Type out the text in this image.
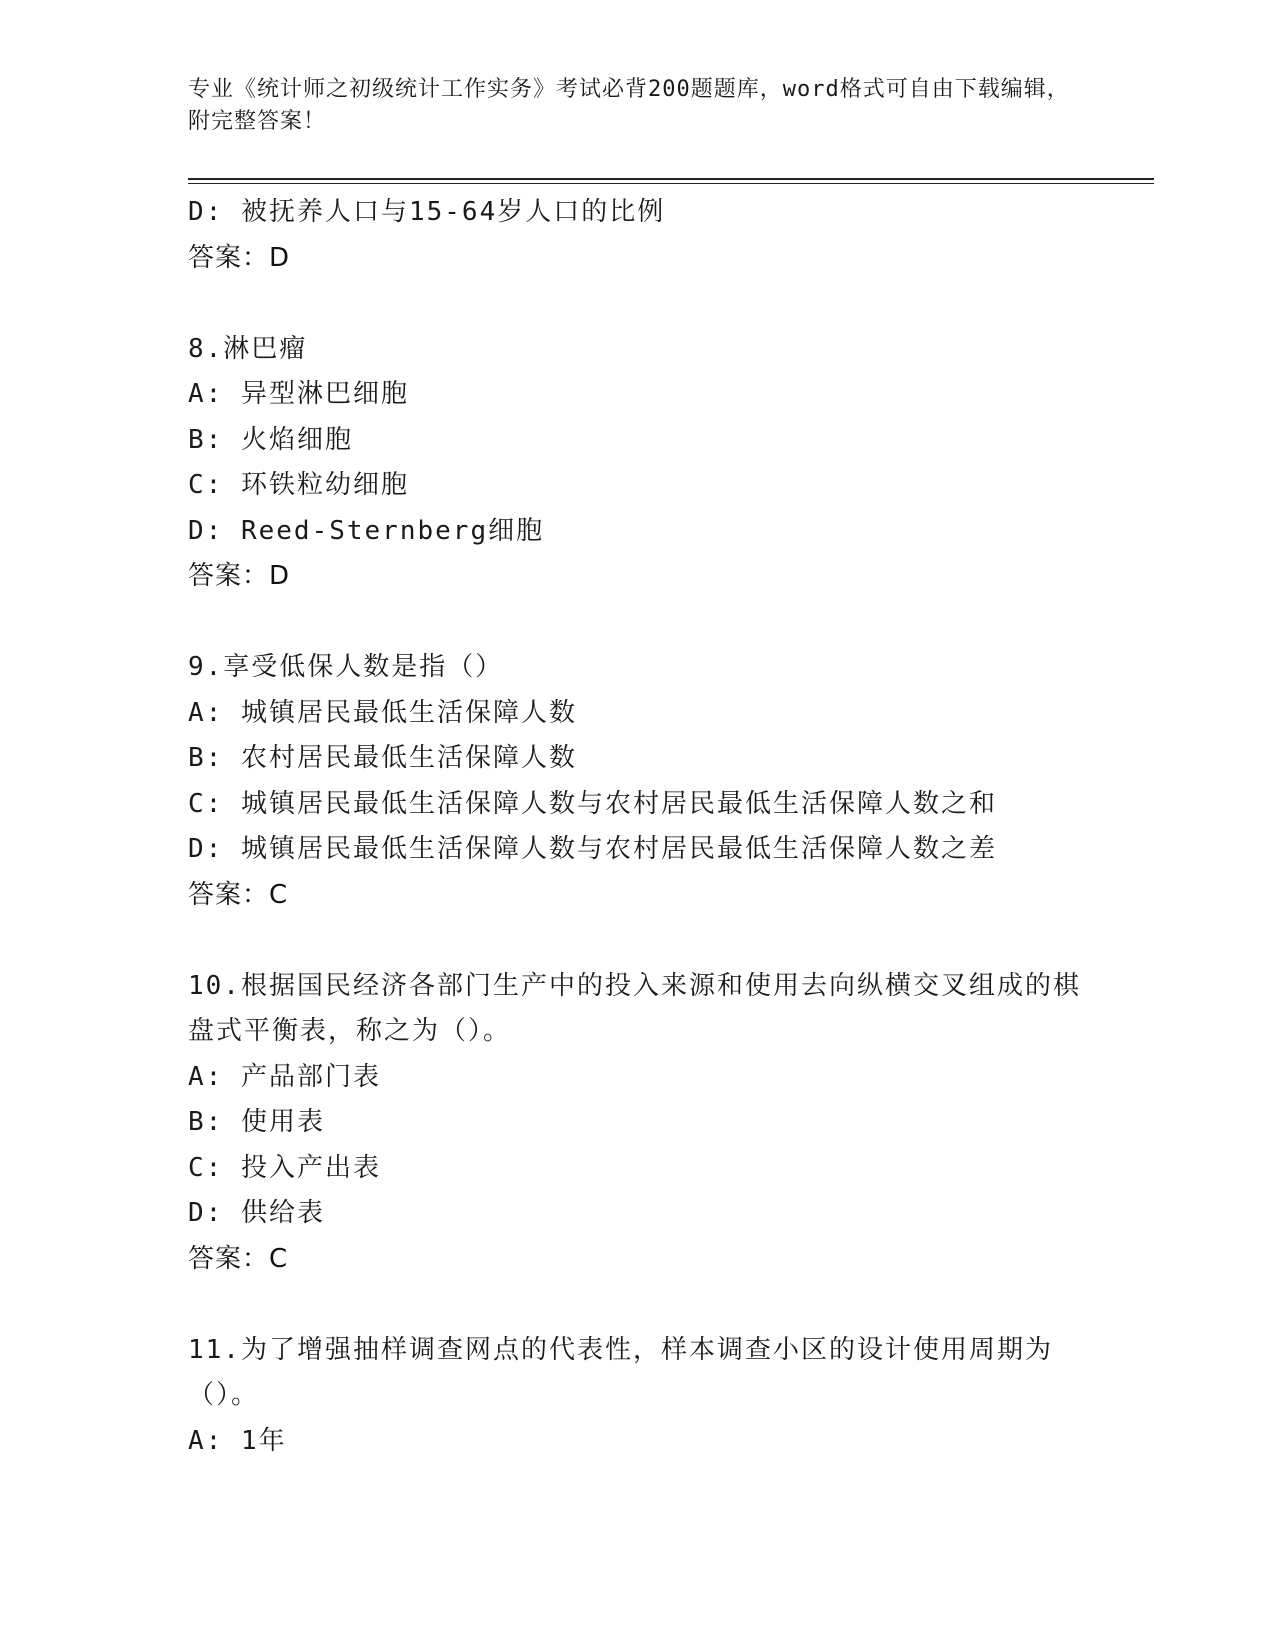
专业《统计师之初级统计工作实务》考试必背200题题库，word格式可自由下载编辑，附完整答案！
D: 被抚养人口与15-64岁人口的比例
答案：D
8.淋巴瘤
A: 异型淋巴细胞
B: 火焰细胞
C: 环铁粒幼细胞
D: Reed-Sternberg细胞
答案：D
9.享受低保人数是指（）
A: 城镇居民最低生活保障人数
B: 农村居民最低生活保障人数
C: 城镇居民最低生活保障人数与农村居民最低生活保障人数之和
D: 城镇居民最低生活保障人数与农村居民最低生活保障人数之差
答案：C
10.根据国民经济各部门生产中的投入来源和使用去向纵横交叉组成的棋盘式平衡表，称之为（）。
A: 产品部门表
B: 使用表
C: 投入产出表
D: 供给表
答案：C
11.为了增强抽样调查网点的代表性，样本调查小区的设计使用周期为（）。
A: 1年
